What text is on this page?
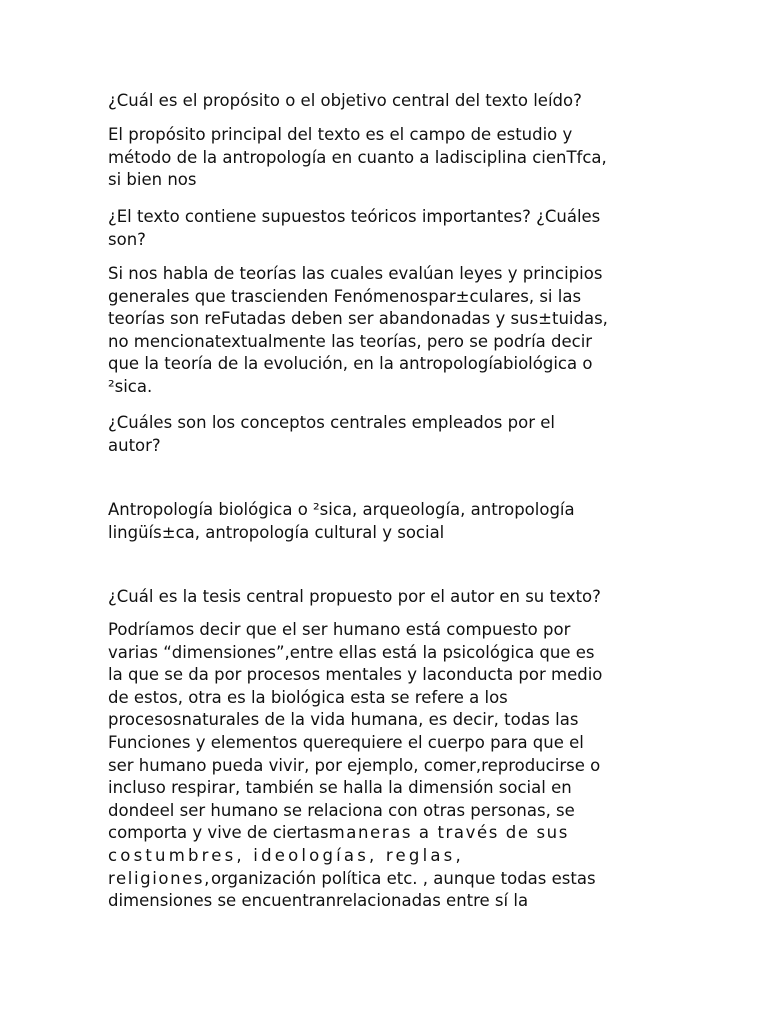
¿Cuál es el propósito o el objetivo central del texto leído?

El propósito principal del texto es el campo de estudio y
método de la antropología en cuanto a ladisciplina cienTfca,
si bien nos

¿El texto contiene supuestos teóricos importantes? ¿Cuáles
son?

Si nos habla de teorías las cuales evalúan leyes y principios
generales que trascienden Fenómenospar±culares, si las
teorías son reFutadas deben ser abandonadas y sus±tuidas,
no mencionatextualmente las teorías, pero se podría decir
que la teoría de la evolución, en la antropologíabiológica o
²sica.

¿Cuáles son los conceptos centrales empleados por el
autor?

Antropología biológica o ²sica, arqueología, antropología
lingüís±ca, antropología cultural y social

¿Cuál es la tesis central propuesto por el autor en su texto?

Podríamos decir que el ser humano está compuesto por
varias “dimensiones”,entre ellas está la psicológica que es
la que se da por procesos mentales y laconducta por medio
de estos, otra es la biológica esta se refere a los
procesosnaturales de la vida humana, es decir, todas las
Funciones y elementos querequiere el cuerpo para que el
ser humano pueda vivir, por ejemplo, comer,reproducirse o
incluso respirar, también se halla la dimensión social en
dondeel ser humano se relaciona con otras personas, se
comporta y vive de ciertasmaneras a través de sus
costumbres, ideologías, reglas,
religiones,organización política etc. , aunque todas estas
dimensiones se encuentranrelacionadas entre sí la
